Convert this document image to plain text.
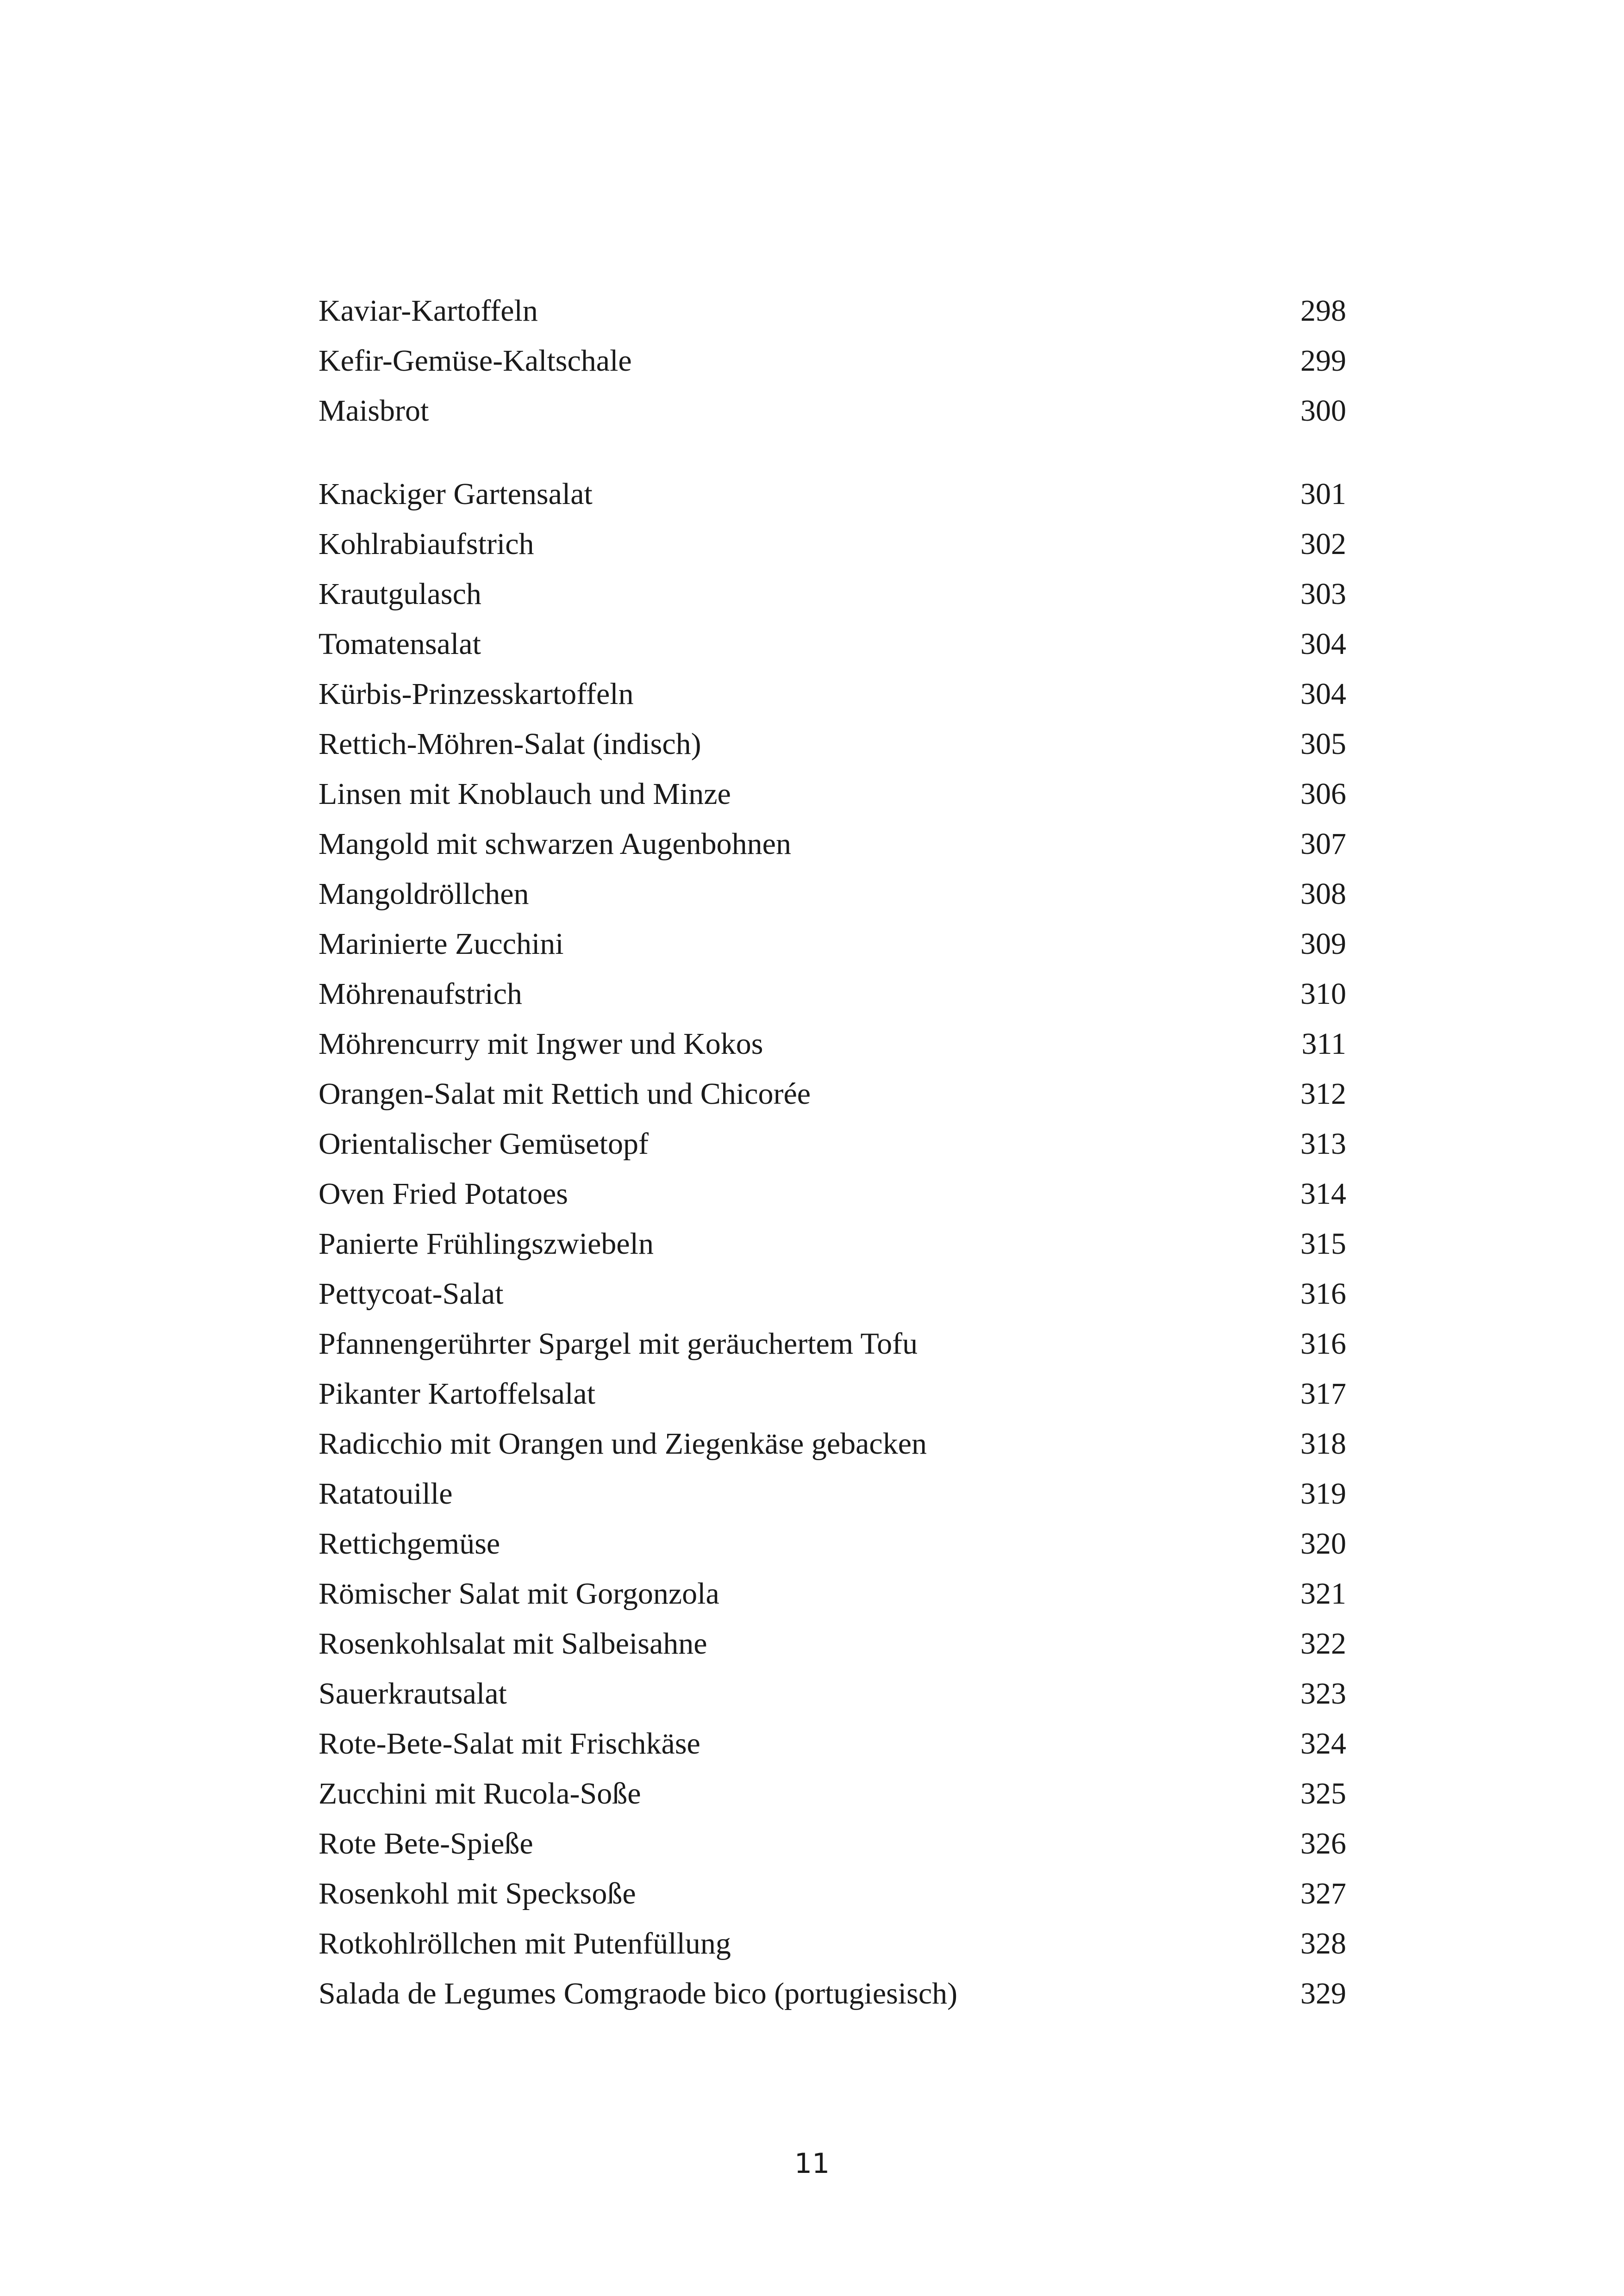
Kaviar-Kartoffeln	298
Kefir-Gemüse-Kaltschale	299
Maisbrot	300
Knackiger Gartensalat	301
Kohlrabiaufstrich	302
Krautgulasch	303
Tomatensalat	304
Kürbis-Prinzesskartoffeln	304
Rettich-Möhren-Salat (indisch)	305
Linsen mit Knoblauch und Minze	306
Mangold mit schwarzen Augenbohnen	307
Mangoldröllchen	308
Marinierte Zucchini	309
Möhrenaufstrich	310
Möhrencurry mit Ingwer und Kokos	311
Orangen-Salat mit Rettich und Chicorée	312
Orientalischer Gemüsetopf	313
Oven Fried Potatoes	314
Panierte Frühlingszwiebeln	315
Pettycoat-Salat	316
Pfannengerührter Spargel mit geräuchertem Tofu	316
Pikanter Kartoffelsalat	317
Radicchio mit Orangen und Ziegenkäse gebacken	318
Ratatouille	319
Rettichgemüse	320
Römischer Salat mit Gorgonzola	321
Rosenkohlsalat mit Salbeisahne	322
Sauerkrautsalat	323
Rote-Bete-Salat mit Frischkäse	324
Zucchini mit Rucola-Soße	325
Rote Bete-Spieße	326
Rosenkohl mit Specksoße	327
Rotkohlröllchen mit Putenfüllung	328
Salada de Legumes Comgraode bico (portugiesisch)	329
11
